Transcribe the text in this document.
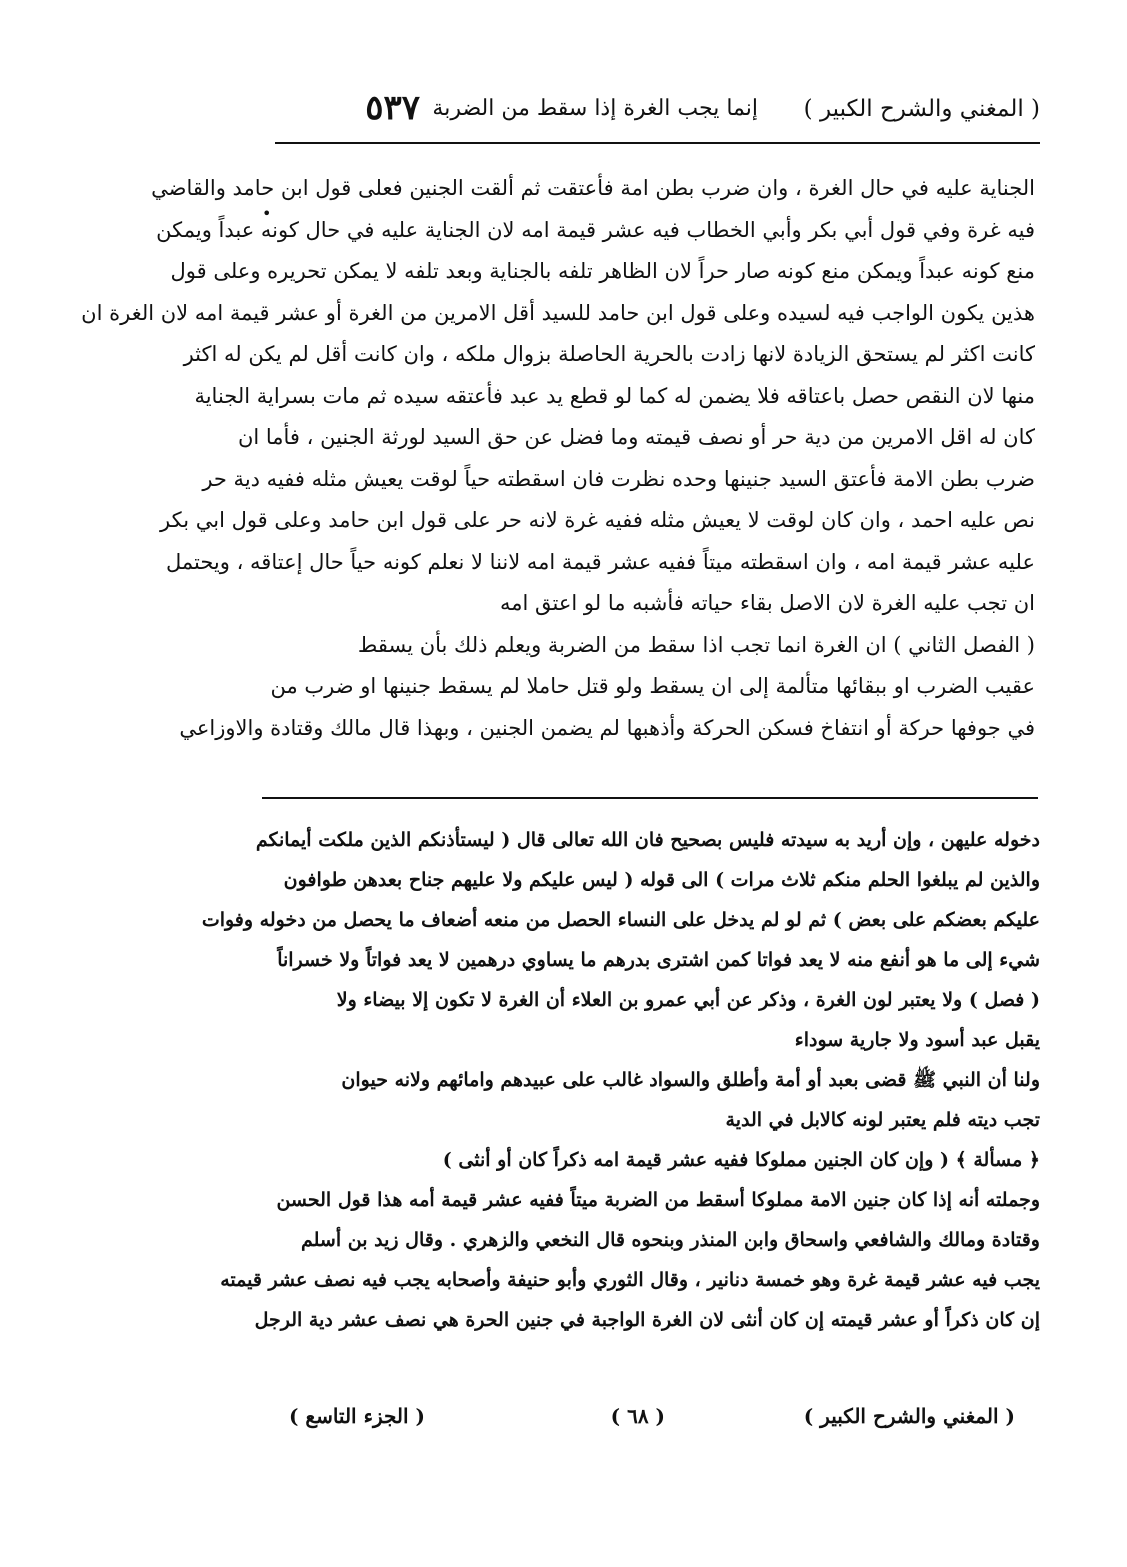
( المغني والشرح الكبير )
إنما يجب الغرة إذا سقط من الضربة
٥٣٧
•
الجناية عليه في حال الغرة ، وان ضرب بطن امة فأعتقت ثم ألقت الجنين فعلى قول ابن حامد والقاضي
فيه غرة وفي قول أبي بكر وأبي الخطاب فيه عشر قيمة امه لان الجناية عليه في حال كونه عبداً ويمكن
منع كونه عبداً ويمكن منع كونه صار حراً لان الظاهر تلفه بالجناية وبعد تلفه لا يمكن تحريره وعلى قول
هذين يكون الواجب فيه لسيده وعلى قول ابن حامد للسيد أقل الامرين من الغرة أو عشر قيمة امه لان الغرة ان
كانت اكثر لم يستحق الزيادة لانها زادت بالحرية الحاصلة بزوال ملكه ، وان كانت أقل لم يكن له اكثر
منها لان النقص حصل باعتاقه فلا يضمن له كما لو قطع يد عبد فأعتقه سيده ثم مات بسراية الجناية
كان له اقل الامرين من دية حر أو نصف قيمته وما فضل عن حق السيد لورثة الجنين ، فأما ان
ضرب بطن الامة فأعتق السيد جنينها وحده نظرت فان اسقطته حياً لوقت يعيش مثله ففيه دية حر
نص عليه احمد ، وان كان لوقت لا يعيش مثله ففيه غرة لانه حر على قول ابن حامد وعلى قول ابي بكر
عليه عشر قيمة امه ، وان اسقطته ميتاً ففيه عشر قيمة امه لاننا لا نعلم كونه حياً حال إعتاقه ، ويحتمل
ان تجب عليه الغرة لان الاصل بقاء حياته فأشبه ما لو اعتق امه
( الفصل الثاني ) ان الغرة انما تجب اذا سقط من الضربة ويعلم ذلك بأن يسقط
عقيب الضرب او ببقائها متألمة إلى ان يسقط ولو قتل حاملا لم يسقط جنينها او ضرب من
في جوفها حركة أو انتفاخ فسكن الحركة وأذهبها لم يضمن الجنين ، وبهذا قال مالك وقتادة والاوزاعي
دخوله عليهن ، وإن أريد به سيدته فليس بصحيح فان الله تعالى قال ( ليستأذنكم الذين ملكت أيمانكم
والذين لم يبلغوا الحلم منكم ثلاث مرات ) الى قوله ( ليس عليكم ولا عليهم جناح بعدهن طوافون
عليكم بعضكم على بعض ) ثم لو لم يدخل على النساء الحصل من منعه أضعاف ما يحصل من دخوله وفوات
شيء إلى ما هو أنفع منه لا يعد فواتا كمن اشترى بدرهم ما يساوي درهمين لا يعد فواتاً ولا خسراناً
( فصل ) ولا يعتبر لون الغرة ، وذكر عن أبي عمرو بن العلاء أن الغرة لا تكون إلا بيضاء ولا
يقبل عبد أسود ولا جارية سوداء
ولنا أن النبي ﷺ قضى بعبد أو أمة وأطلق والسواد غالب على عبيدهم وامائهم ولانه حيوان
تجب ديته فلم يعتبر لونه كالابل في الدية
﴿ مسألة ﴾ ( وإن كان الجنين مملوكا ففيه عشر قيمة امه ذكراً كان أو أنثى )
وجملته أنه إذا كان جنين الامة مملوكا أسقط من الضربة ميتاً ففيه عشر قيمة أمه هذا قول الحسن
وقتادة ومالك والشافعي واسحاق وابن المنذر وبنحوه قال النخعي والزهري . وقال زيد بن أسلم
يجب فيه عشر قيمة غرة وهو خمسة دنانير ، وقال الثوري وأبو حنيفة وأصحابه يجب فيه نصف عشر قيمته
إن كان ذكراً أو عشر قيمته إن كان أنثى لان الغرة الواجبة في جنين الحرة هي نصف عشر دية الرجل
( المغني والشرح الكبير )
( ٦٨ )
( الجزء التاسع )
